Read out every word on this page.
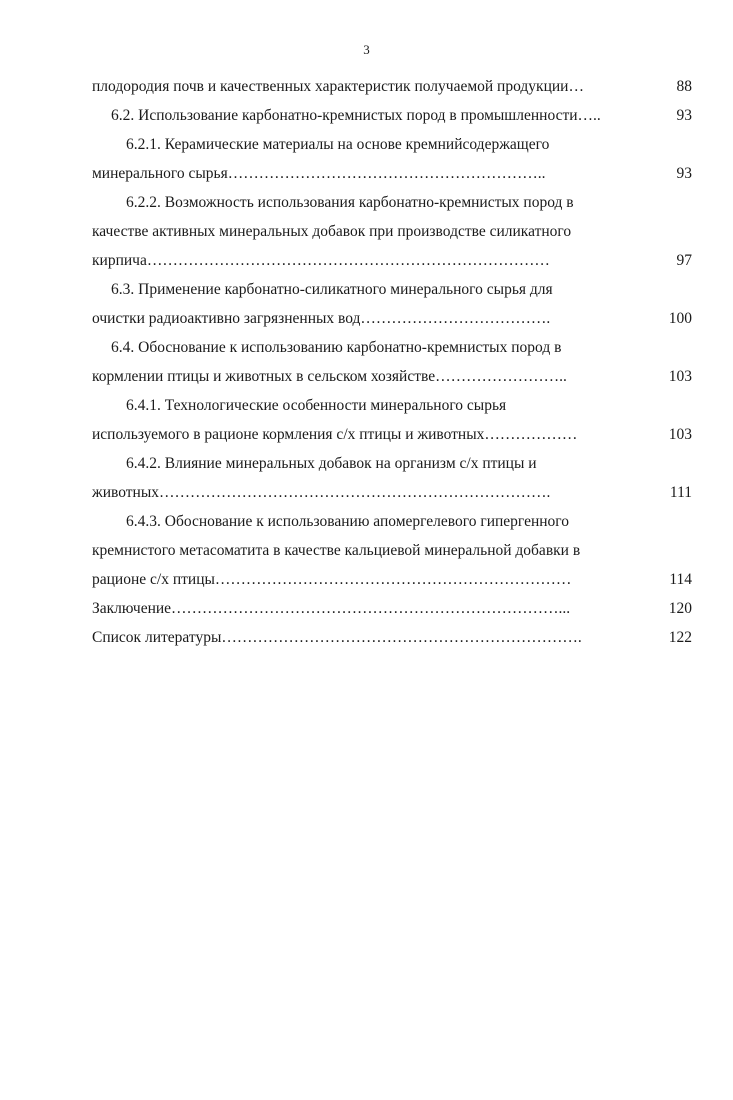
3
плодородия почв и качественных характеристик получаемой продукции…	88
6.2. Использование карбонатно-кремнистых пород в промышленности…..	93
6.2.1. Керамические материалы на основе кремнийсодержащего
минерального сырья……………………………………………………..	93
6.2.2. Возможность использования карбонатно-кремнистых пород в
качестве активных минеральных добавок при производстве силикатного
кирпича……………………………………………………………………	97
6.3. Применение карбонатно-силикатного минерального сырья для
очистки радиоактивно загрязненных вод……………………………….	100
6.4. Обоснование к использованию карбонатно-кремнистых пород в
кормлении птицы и животных в сельском хозяйстве……………………..	103
6.4.1. Технологические особенности минерального сырья
используемого в рационе кормления с/х птицы и животных………………	103
6.4.2. Влияние минеральных добавок на организм с/х птицы и
животных………………………………………………………………….	111
6.4.3. Обоснование к использованию апомергелевого гипергенного
кремнистого метасоматита в качестве кальциевой минеральной добавки в
рационе с/х птицы……………………………………………………………	114
Заключение…………………………………………………………………...	120
Список литературы…………………………………………………………….	122
